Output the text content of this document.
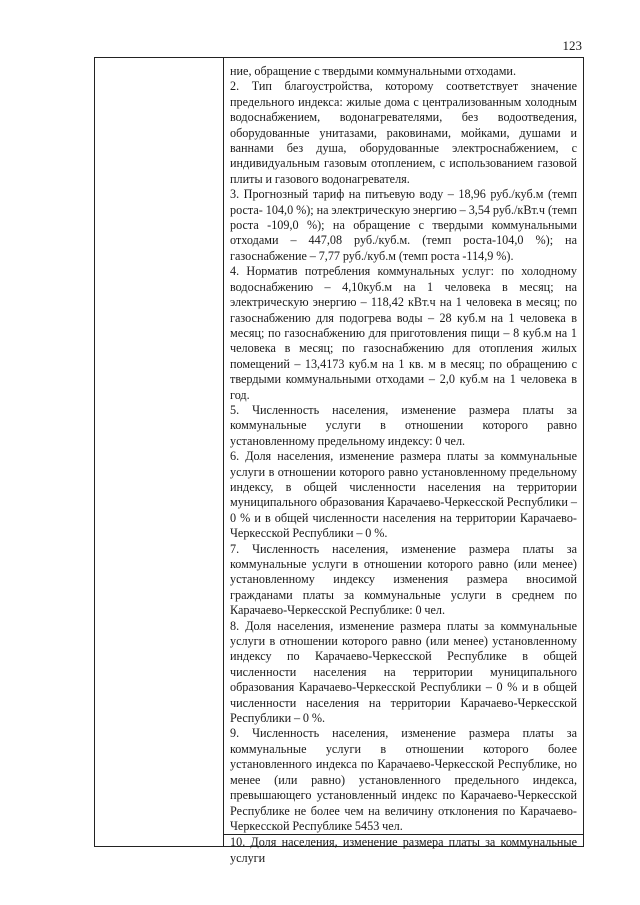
123

ние, обращение с твердыми коммунальными отходами.

2. Тип благоустройства, которому соответствует значение предельного индекса: жилые дома с централизованным холодным водоснабжением, водонагревателями, без водоотведения, оборудованные унитазами, раковинами, мойками, душами и ваннами без душа, оборудованные электроснабжением, с индивидуальным газовым отоплением, с использованием газовой плиты и газового водонагревателя.

3. Прогнозный тариф на питьевую воду – 18,96 руб./куб.м (темп роста- 104,0 %); на электрическую энергию – 3,54 руб./кВт.ч (темп роста -109,0 %); на обращение с твердыми коммунальными отходами – 447,08 руб./куб.м. (темп роста-104,0 %); на газоснабжение – 7,77 руб./куб.м (темп роста -114,9 %).

4. Норматив потребления коммунальных услуг: по холодному водоснабжению – 4,10куб.м на 1 человека в месяц; на электрическую энергию – 118,42 кВт.ч на 1 человека в месяц; по газоснабжению для подогрева воды – 28 куб.м на 1 человека в месяц; по газоснабжению для приготовления пищи – 8 куб.м на 1 человека в месяц; по газоснабжению для отопления жилых помещений – 13,4173 куб.м на 1 кв. м в месяц; по обращению с твердыми коммунальными отходами – 2,0 куб.м на 1 человека в год.

5. Численность населения, изменение размера платы за коммунальные услуги в отношении которого равно установленному предельному индексу: 0 чел.

6. Доля населения, изменение размера платы за коммунальные услуги в отношении которого равно установленному предельному индексу, в общей численности населения на территории муниципального образования Карачаево-Черкесской Республики – 0 % и в общей численности населения на территории Карачаево-Черкесской Республики – 0 %.

7. Численность населения, изменение размера платы за коммунальные услуги в отношении которого равно (или менее) установленному индексу изменения размера вносимой гражданами платы за коммунальные услуги в среднем по Карачаево-Черкесской Республике: 0 чел.

8. Доля населения, изменение размера платы за коммунальные услуги в отношении которого равно (или менее) установленному индексу по Карачаево-Черкесской Республике в общей численности населения на территории муниципального образования Карачаево-Черкесской Республики – 0 % и в общей численности населения на территории Карачаево-Черкесской Республики – 0 %.

9. Численность населения, изменение размера платы за коммунальные услуги в отношении которого более установленного индекса по Карачаево-Черкесской Республике, но менее (или равно) установленного предельного индекса, превышающего установленный индекс по Карачаево-Черкесской Республике не более чем на величину отклонения по Карачаево-Черкесской Республике 5453 чел.

10. Доля населения, изменение размера платы за коммунальные услуги
